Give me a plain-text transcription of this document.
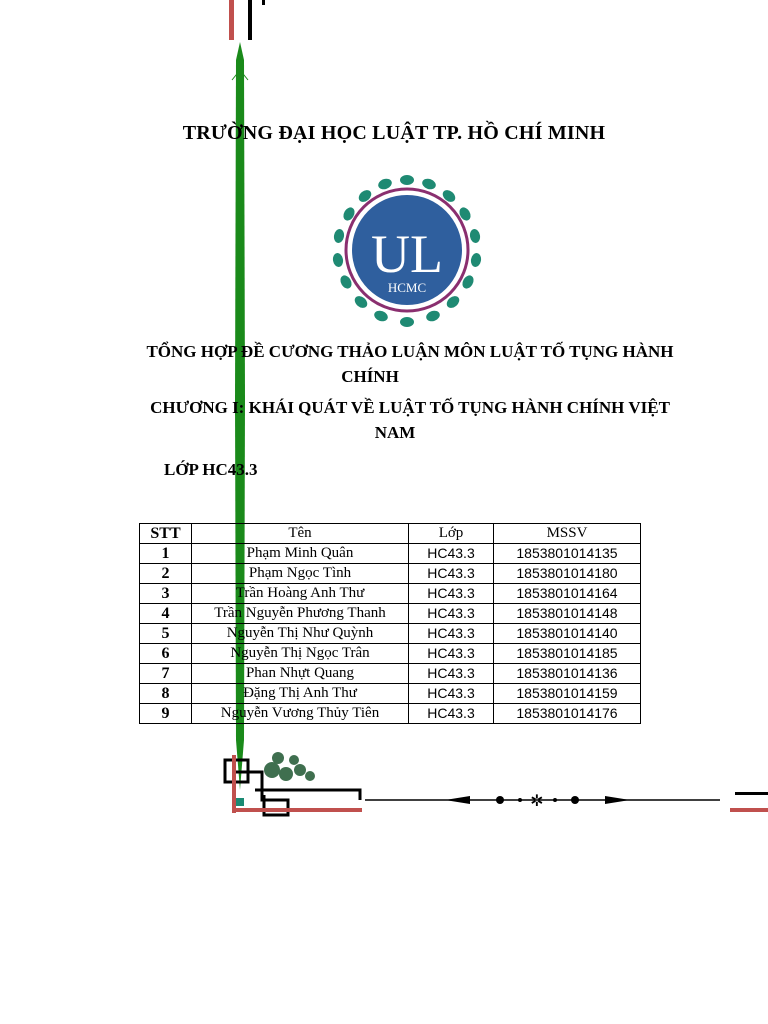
✲
TRƯỜNG ĐẠI HỌC LUẬT TP. HỒ CHÍ MINH
UL
HCMC
TỔNG HỢP ĐỀ CƯƠNG THẢO LUẬN MÔN LUẬT TỐ TỤNG HÀNH
CHÍNH
CHƯƠNG I: KHÁI QUÁT VỀ LUẬT TỐ TỤNG HÀNH CHÍNH VIỆT
NAM
LỚP HC43.3
STT	Tên	Lớp	MSSV
1	Phạm Minh Quân	HC43.3	1853801014135
2	Phạm Ngọc Tình	HC43.3	1853801014180
3	Trần Hoàng Anh Thư	HC43.3	1853801014164
4	Trần Nguyễn Phương Thanh	HC43.3	1853801014148
5	Nguyễn Thị Như Quỳnh	HC43.3	1853801014140
6	Nguyễn Thị Ngọc Trân	HC43.3	1853801014185
7	Phan Nhựt Quang	HC43.3	1853801014136
8	Đặng Thị Anh Thư	HC43.3	1853801014159
9	Nguyễn Vương Thủy Tiên	HC43.3	1853801014176
